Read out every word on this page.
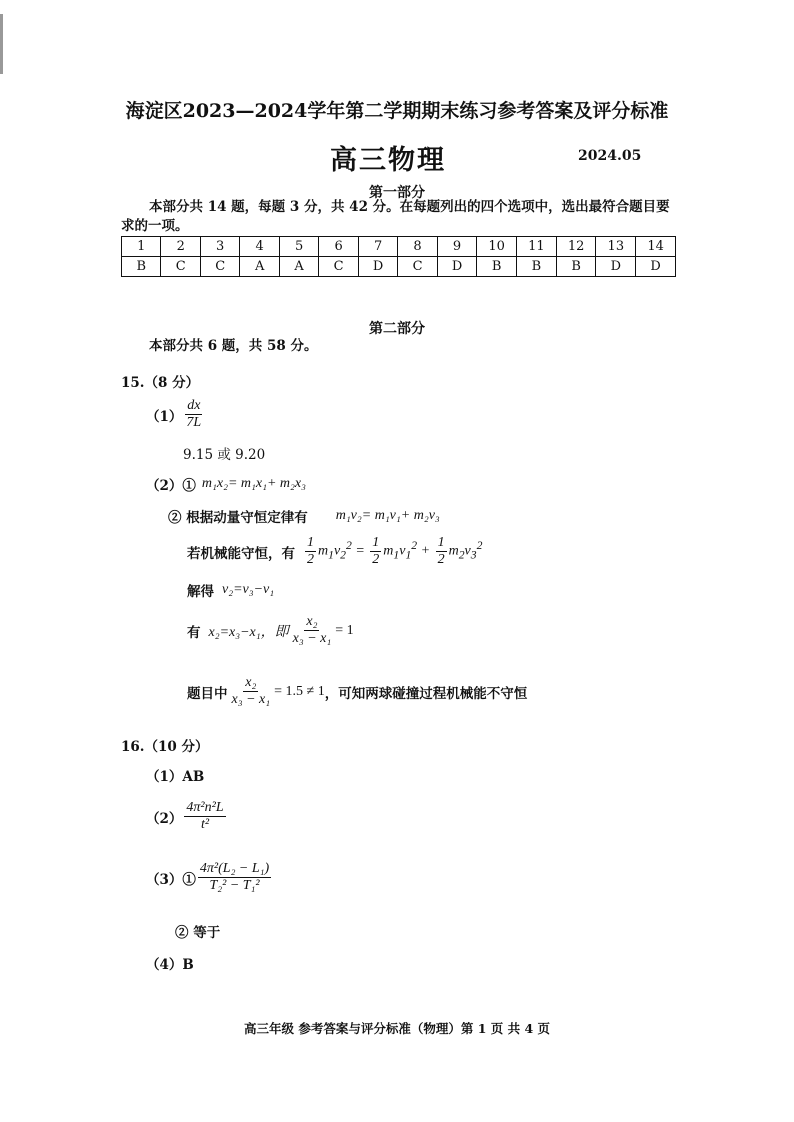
海淀区2023—2024学年第二学期期末练习参考答案及评分标准
高三物理	2024.05
第一部分
本部分共 14 题，每题 3 分，共 42 分。在每题列出的四个选项中，选出最符合题目要求的一项。
1	2	3	4	5	6	7	8	9	10	11	12	13	14
B	C	C	A	A	C	D	C	D	B	B	B	D	D
第二部分
本部分共 6 题，共 58 分。
15.（8 分）
$(1) \frac{dx}{7L}$
9.15 或 9.20
（2）① m₁x₂= m₁x₁+ m₂x₃
② 根据动量守恒定律有 m₁v₂= m₁v₁+ m₂v₃
若机械能守恒，有 $\frac{1}{2} m_1v_2^2 = \frac{1}{2} m_1v_1^2 + \frac{1}{2} m_2v_3^2$
解得 v₂=v₃−v₁
有 x₂=x₃−x₁，即 $\frac{\text{x₂}}{\text{x₃ − x₁}} = 1$
题目中 $\frac{\text{x₂}}{\text{x₃ − x₁}} = 1.5 \ne 1$ ，可知两球碰撞过程机械能不守恒
16.（10 分）
（1）AB
$(2) \frac{\text{4π²n²L}}{\text{t²}}$
（3）① $\frac{\text{4π²(L₂ − L₁)}}{\text{T₂² − T₁²}}$
② 等于
（4）B
高三年级 参考答案与评分标准（物理）第 1 页 共 4 页
